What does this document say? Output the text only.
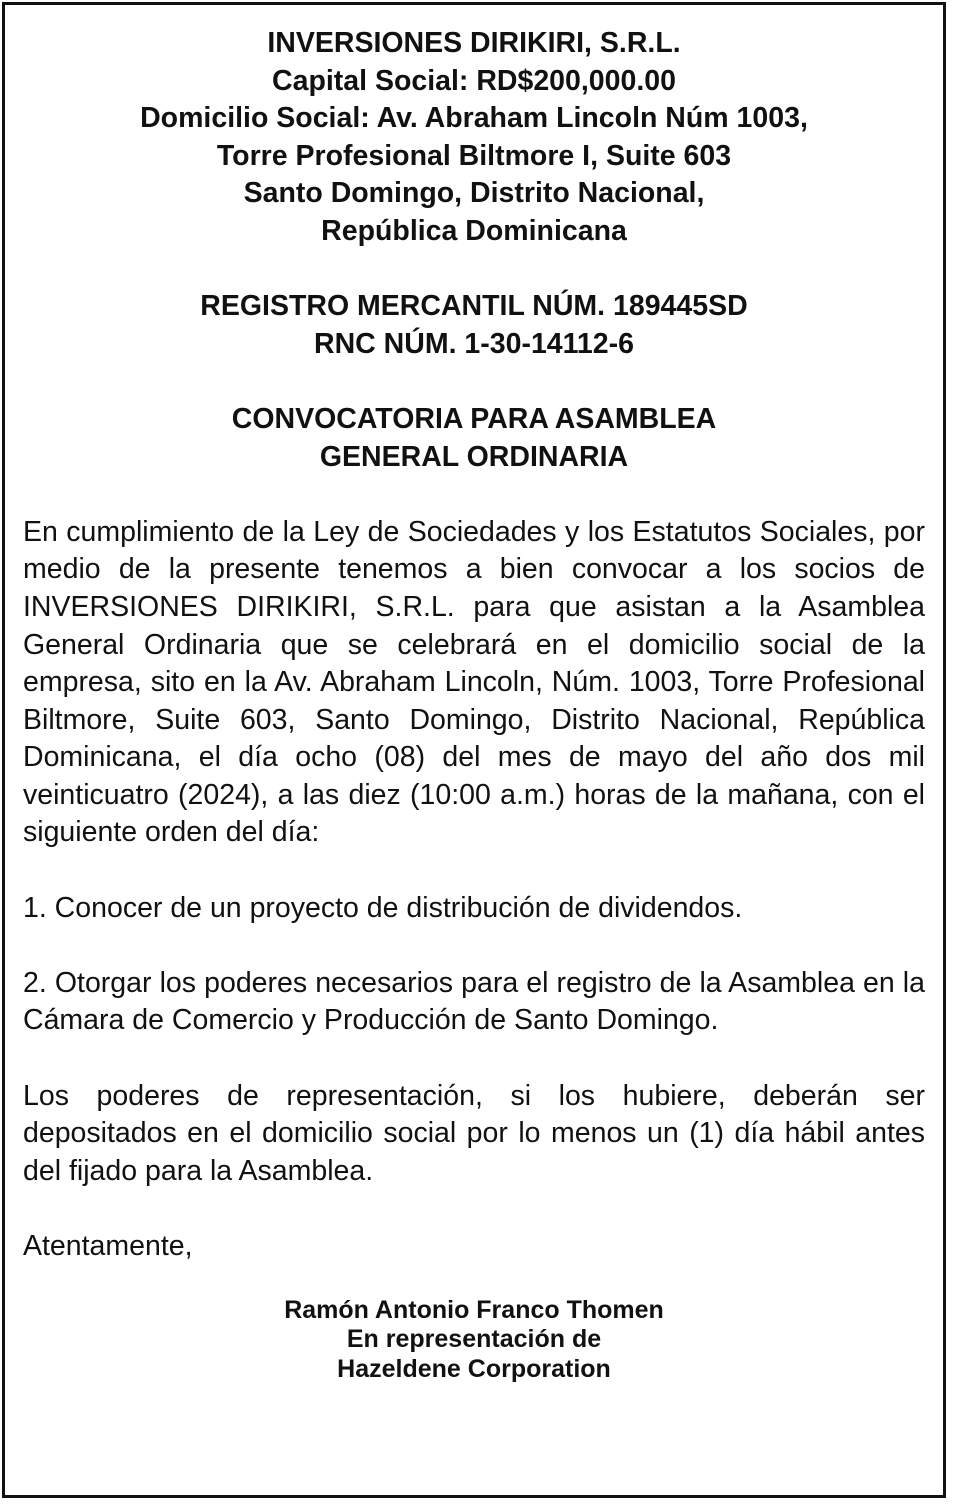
INVERSIONES DIRIKIRI, S.R.L.
Capital Social: RD$200,000.00
Domicilio Social: Av. Abraham Lincoln Núm 1003,
Torre Profesional Biltmore I, Suite 603
Santo Domingo, Distrito Nacional,
República Dominicana
REGISTRO MERCANTIL NÚM. 189445SD
RNC NÚM. 1-30-14112-6
CONVOCATORIA PARA ASAMBLEA
GENERAL ORDINARIA

En cumplimiento de la Ley de Sociedades y los Estatutos Sociales, por medio de la presente tenemos a bien convocar a los socios de INVERSIONES DIRIKIRI, S.R.L. para que asistan a la Asamblea General Ordinaria que se celebrará en el domicilio social de la empresa, sito en la Av. Abraham Lincoln, Núm. 1003, Torre Profesional Biltmore, Suite 603, Santo Domingo, Distrito Nacional, República Dominicana, el día ocho (08) del mes de mayo del año dos mil veinticuatro (2024), a las diez (10:00 a.m.) horas de la mañana, con el siguiente orden del día:

1. Conocer de un proyecto de distribución de dividendos.

2. Otorgar los poderes necesarios para el registro de la Asamblea en la Cámara de Comercio y Producción de Santo Domingo.

Los poderes de representación, si los hubiere, deberán ser depositados en el domicilio social por lo menos un (1) día hábil antes del fijado para la Asamblea.

Atentamente,

Ramón Antonio Franco Thomen
En representación de
Hazeldene Corporation
